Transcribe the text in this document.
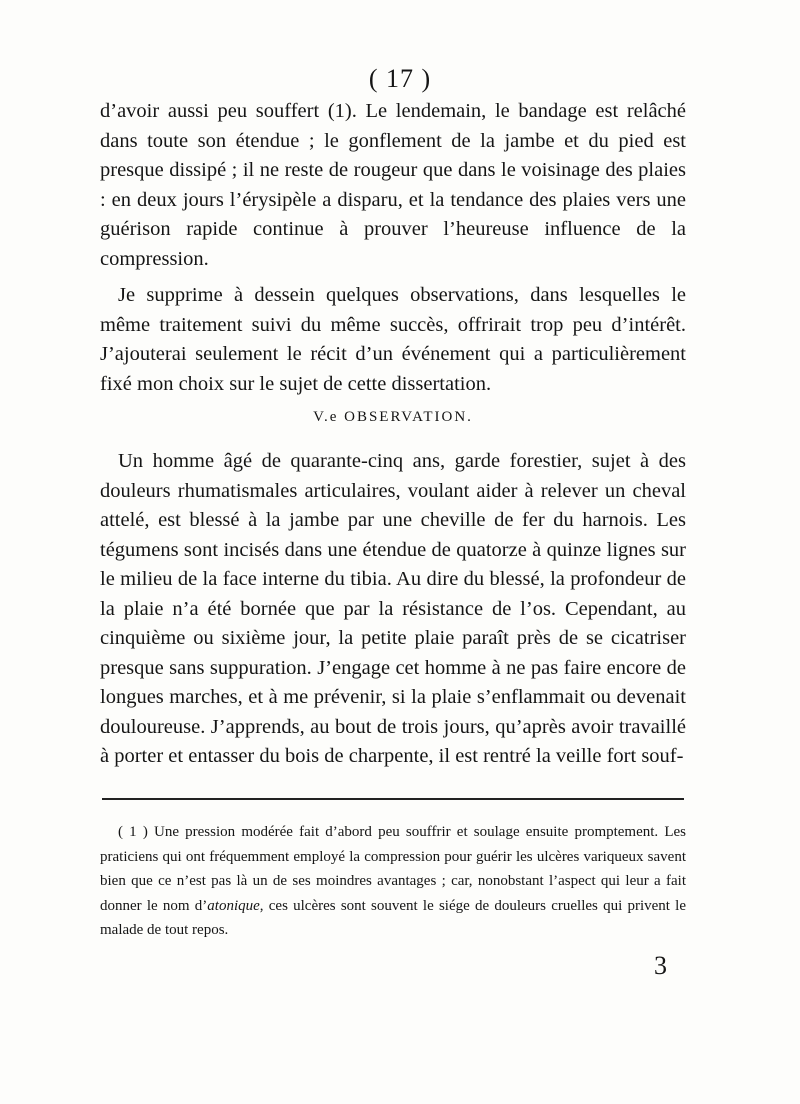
( 17 )

d’avoir aussi peu souffert (1). Le lendemain, le bandage est relâché dans toute son étendue ; le gonflement de la jambe et du pied est presque dissipé ; il ne reste de rougeur que dans le voisinage des plaies : en deux jours l’érysipèle a disparu, et la tendance des plaies vers une guérison rapide continue à prouver l’heureuse influence de la compression.

Je supprime à dessein quelques observations, dans lesquelles le même traitement suivi du même succès, offrirait trop peu d’intérêt. J’ajouterai seulement le récit d’un événement qui a particulièrement fixé mon choix sur le sujet de cette dissertation.

V.e OBSERVATION.

Un homme âgé de quarante-cinq ans, garde forestier, sujet à des douleurs rhumatismales articulaires, voulant aider à relever un cheval attelé, est blessé à la jambe par une cheville de fer du harnois. Les tégumens sont incisés dans une étendue de quatorze à quinze lignes sur le milieu de la face interne du tibia. Au dire du blessé, la profondeur de la plaie n’a été bornée que par la résistance de l’os. Cependant, au cinquième ou sixième jour, la petite plaie paraît près de se cicatriser presque sans suppuration. J’engage cet homme à ne pas faire encore de longues marches, et à me prévenir, si la plaie s’enflammait ou devenait douloureuse. J’apprends, au bout de trois jours, qu’après avoir travaillé à porter et entasser du bois de charpente, il est rentré la veille fort souf-

( 1 ) Une pression modérée fait d’abord peu souffrir et soulage ensuite promptement. Les praticiens qui ont fréquemment employé la compression pour guérir les ulcères variqueux savent bien que ce n’est pas là un de ses moindres avantages ; car, nonobstant l’aspect qui leur a fait donner le nom d’atonique, ces ulcères sont souvent le siége de douleurs cruelles qui privent le malade de tout repos.

3
